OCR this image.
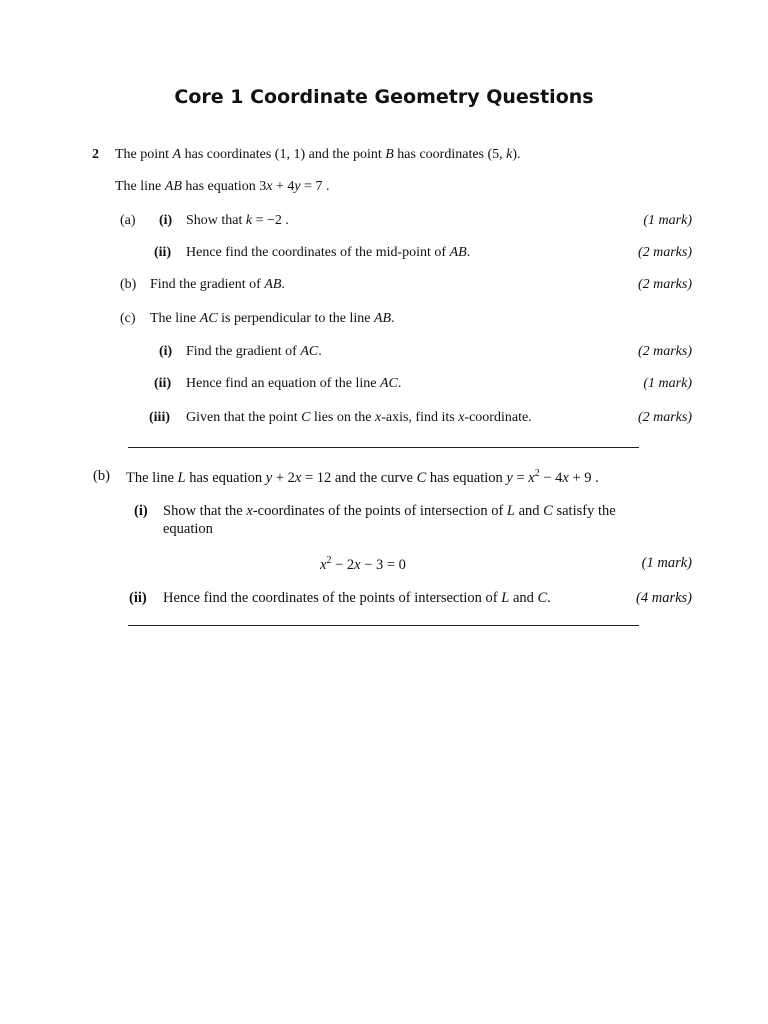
Core 1 Coordinate Geometry Questions
2 The point A has coordinates (1, 1) and the point B has coordinates (5, k).
The line AB has equation 3x + 4y = 7 .
(a) (i) Show that k = −2 .	(1 mark)
(ii) Hence find the coordinates of the mid-point of AB.	(2 marks)
(b) Find the gradient of AB.	(2 marks)
(c) The line AC is perpendicular to the line AB.
(i) Find the gradient of AC.	(2 marks)
(ii) Hence find an equation of the line AC.	(1 mark)
(iii) Given that the point C lies on the x-axis, find its x-coordinate.	(2 marks)
(b) The line L has equation y + 2x = 12 and the curve C has equation $y = x^2 - 4x + 9$ .
(i) Show that the x-coordinates of the points of intersection of L and C satisfy the
equation
$x^2 - 2x - 3 = 0$	(1 mark)
(ii) Hence find the coordinates of the points of intersection of L and C.	(4 marks)
